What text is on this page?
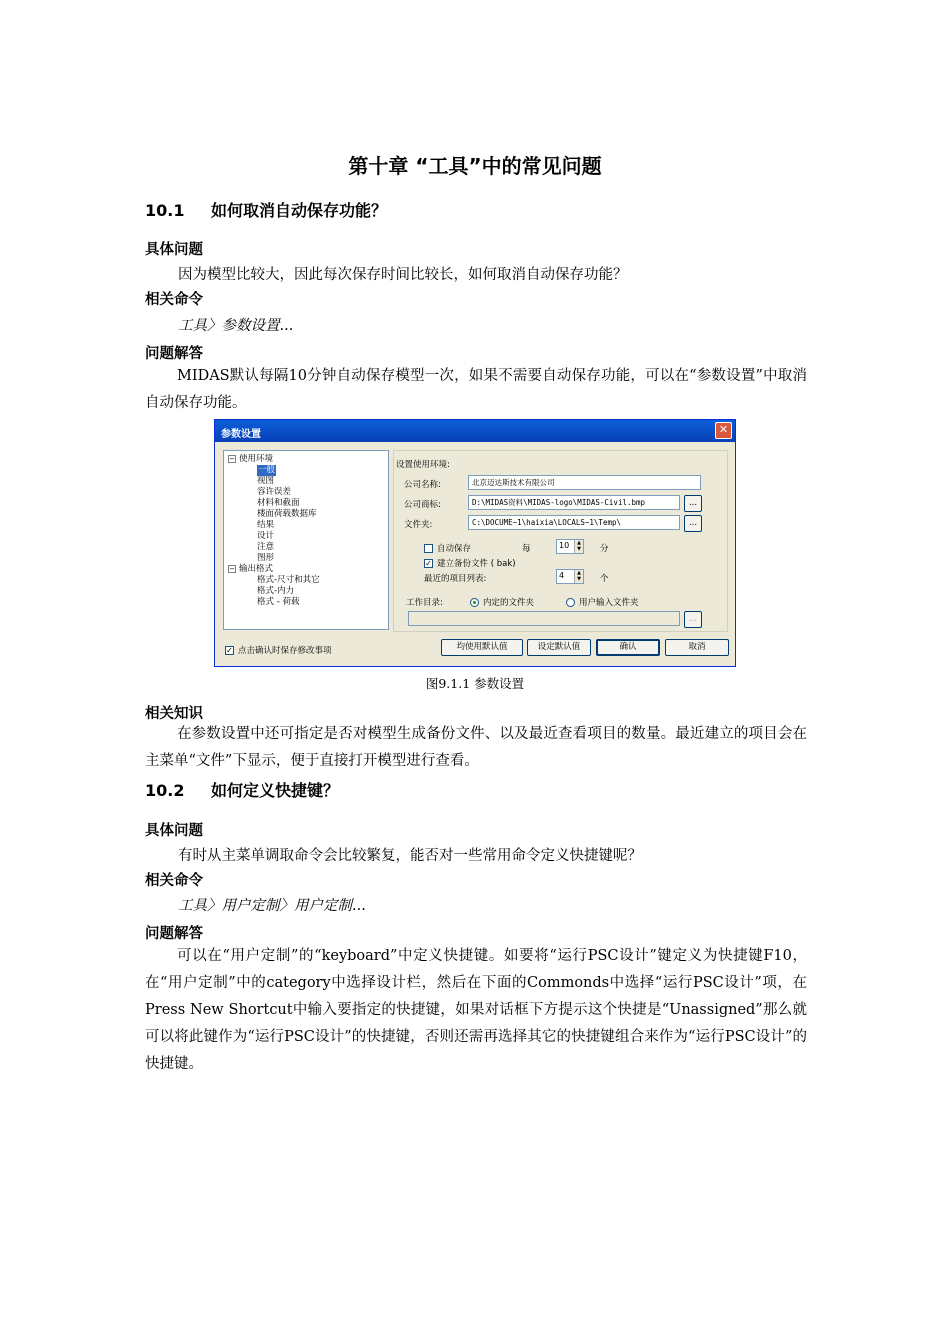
第十章 “工具”中的常见问题
10.1 如何取消自动保存功能？
具体问题
因为模型比较大，因此每次保存时间比较长，如何取消自动保存功能？
相关命令
工具〉参数设置...
问题解答
MIDAS默认每隔10分钟自动保存模型一次，如果不需要自动保存功能，可以在“参数设置”中取消自动保存功能。
参数设置	✕
− 使用环境
一般
视图
容许误差
材料和截面
楼面荷载数据库
结果
设计
注意
图形
− 输出格式
格式-尺寸和其它
格式-内力
格式 - 荷载
设置使用环境:
公司名称:	北京迈达斯技术有限公司
公司商标:	D:\MIDAS资料\MIDAS-logo\MIDAS-Civil.bmp	...
文件夹:	C:\DOCUME~1\haixia\LOCALS~1\Temp\	...
自动保存	每	10	▲
▼ 分
✓ 建立备份文件 ( bak)
最近的项目列表:	4	▲
▼ 个
工作目录:	内定的文件夹	用户输入文件夹
...
✓ 点击确认时保存修改事项	均使用默认值	设定默认值	确认	取消
图9.1.1 参数设置
相关知识
在参数设置中还可指定是否对模型生成备份文件、以及最近查看项目的数量。最近建立的项目会在主菜单“文件”下显示，便于直接打开模型进行查看。
10.2 如何定义快捷键？
具体问题
有时从主菜单调取命令会比较繁复，能否对一些常用命令定义快捷键呢？
相关命令
工具〉用户定制〉用户定制...
问题解答
可以在“用户定制”的“keyboard”中定义快捷键。如要将“运行PSC设计”键定义为快捷键F10，在“用户定制”中的category中选择设计栏，然后在下面的Commonds中选择“运行PSC设计”项，在Press New Shortcut中输入要指定的快捷键，如果对话框下方提示这个快捷是“Unassigned”那么就可以将此键作为“运行PSC设计”的快捷键，否则还需再选择其它的快捷键组合来作为“运行PSC设计”的快捷键。
